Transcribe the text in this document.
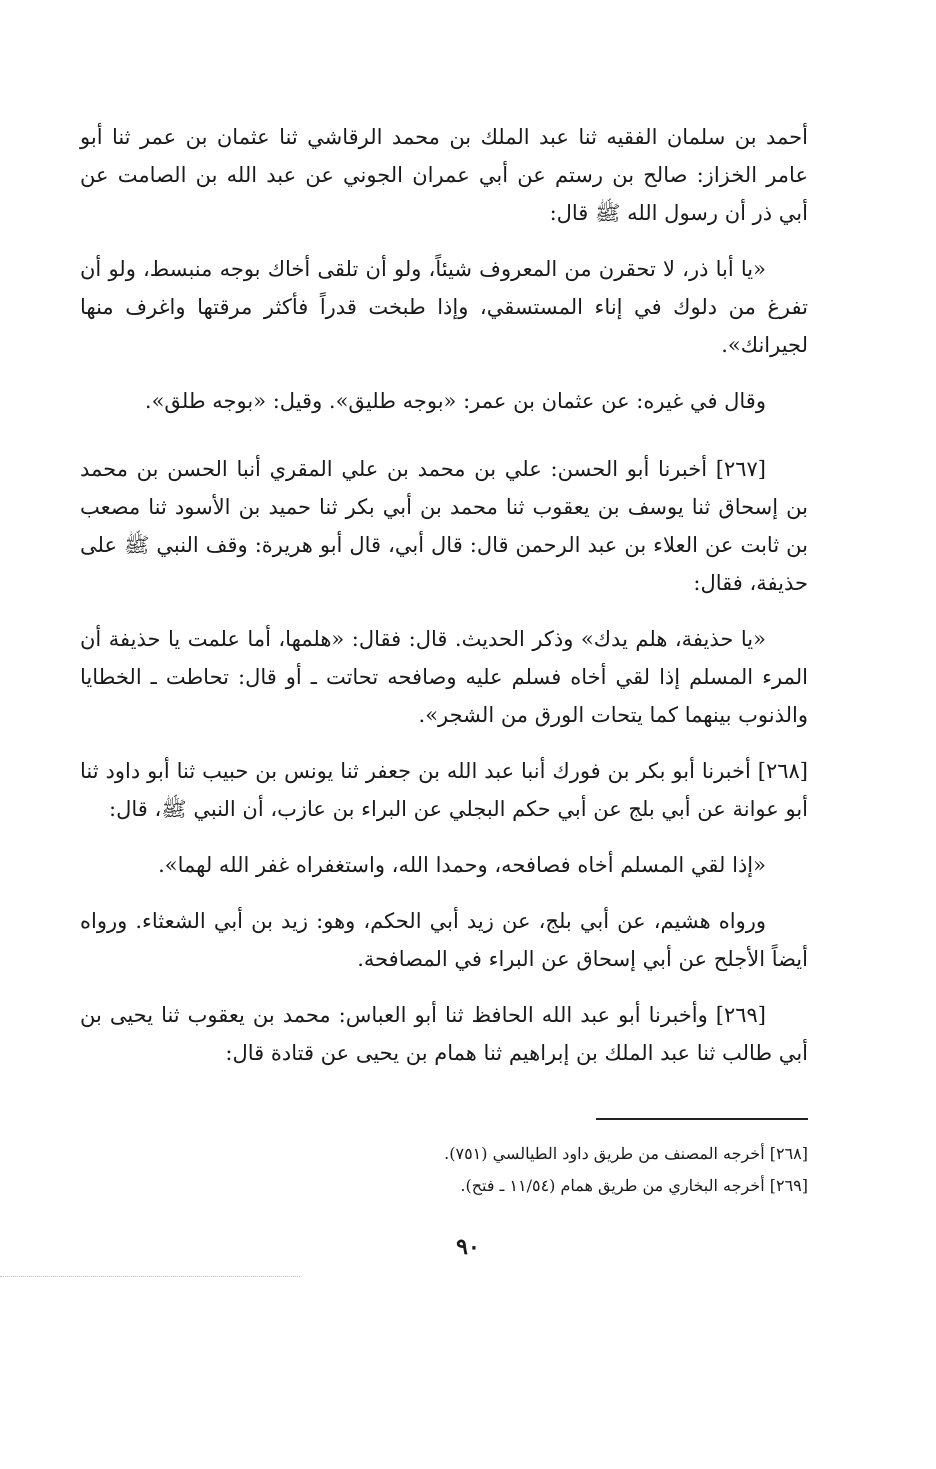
أحمد بن سلمان الفقيه ثنا عبد الملك بن محمد الرقاشي ثنا عثمان بن عمر ثنا أبو عامر الخزاز: صالح بن رستم عن أبي عمران الجوني عن عبد الله بن الصامت عن أبي ذر أن رسول الله ﷺ قال:

«يا أبا ذر، لا تحقرن من المعروف شيئاً، ولو أن تلقى أخاك بوجه منبسط، ولو أن تفرغ من دلوك في إناء المستسقي، وإذا طبخت قدراً فأكثر مرقتها واغرف منها لجيرانك».

وقال في غيره: عن عثمان بن عمر: «بوجه طليق». وقيل: «بوجه طلق».

[٢٦٧] أخبرنا أبو الحسن: علي بن محمد بن علي المقري أنبا الحسن بن محمد بن إسحاق ثنا يوسف بن يعقوب ثنا محمد بن أبي بكر ثنا حميد بن الأسود ثنا مصعب بن ثابت عن العلاء بن عبد الرحمن قال: قال أبي، قال أبو هريرة: وقف النبي ﷺ على حذيفة، فقال:

«يا حذيفة، هلم يدك» وذكر الحديث. قال: فقال: «هلمها، أما علمت يا حذيفة أن المرء المسلم إذا لقي أخاه فسلم عليه وصافحه تحاتت ـ أو قال: تحاطت ـ الخطايا والذنوب بينهما كما يتحات الورق من الشجر».

[٢٦٨] أخبرنا أبو بكر بن فورك أنبا عبد الله بن جعفر ثنا يونس بن حبيب ثنا أبو داود ثنا أبو عوانة عن أبي بلج عن أبي حكم البجلي عن البراء بن عازب، أن النبي ﷺ، قال:

«إذا لقي المسلم أخاه فصافحه، وحمدا الله، واستغفراه غفر الله لهما».

ورواه هشيم، عن أبي بلج، عن زيد أبي الحكم، وهو: زيد بن أبي الشعثاء. ورواه أيضاً الأجلح عن أبي إسحاق عن البراء في المصافحة.

[٢٦٩] وأخبرنا أبو عبد الله الحافظ ثنا أبو العباس: محمد بن يعقوب ثنا يحيى بن أبي طالب ثنا عبد الملك بن إبراهيم ثنا همام بن يحيى عن قتادة قال:

[٢٦٨] أخرجه المصنف من طريق داود الطيالسي (٧٥١).

[٢٦٩] أخرجه البخاري من طريق همام (١١/٥٤ ـ فتح).

٩٠
